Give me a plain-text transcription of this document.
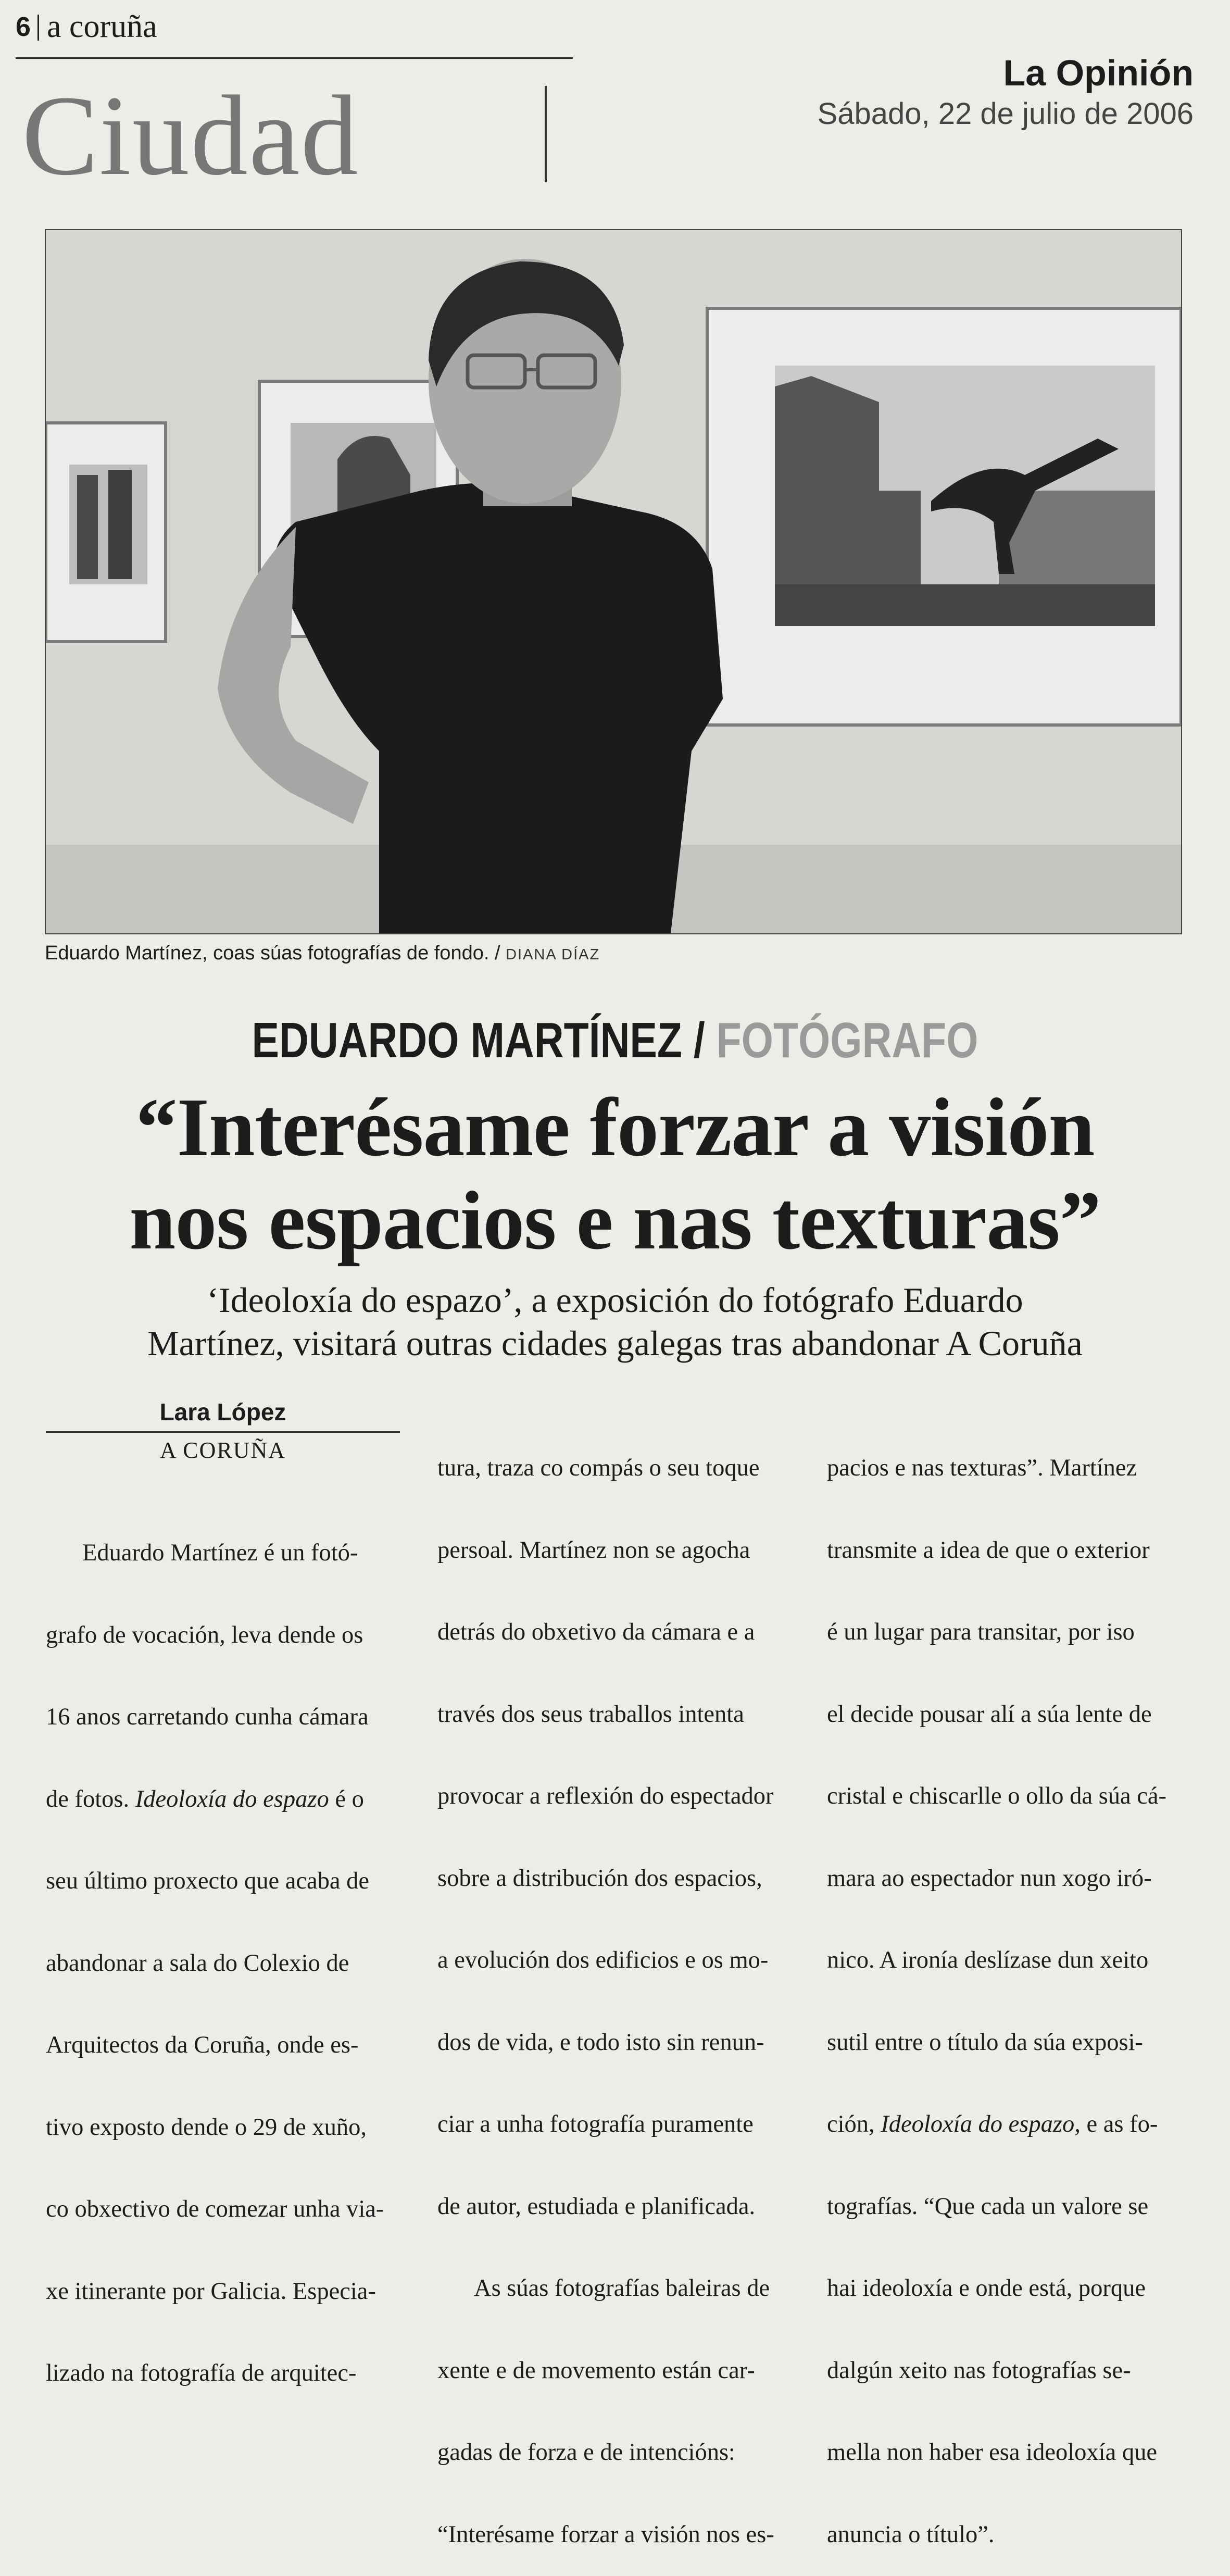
6 a coruña
Ciudad	La Opinión
Sábado, 22 de julio de 2006
Eduardo Martínez, coas súas fotografías de fondo. / DIANA DÍAZ
EDUARDO MARTÍNEZ / FOTÓGRAFO
“Interésame forzar a visión
nos espacios e nas texturas”
‘Ideoloxía do espazo’, a exposición do fotógrafo Eduardo
Martínez, visitará outras cidades galegas tras abandonar A Coruña
Lara López
A CORUÑA

Eduardo Martínez é un fotó-

grafo de vocación, leva dende os

16 anos carretando cunha cámara

de fotos. Ideoloxía do espazo é o

seu último proxecto que acaba de

abandonar a sala do Colexio de

Arquitectos da Coruña, onde es-

tivo exposto dende o 29 de xuño,

co obxectivo de comezar unha via-

xe itinerante por Galicia. Especia-

lizado na fotografía de arquitec-

tura, traza co compás o seu toque

persoal. Martínez non se agocha

detrás do obxetivo da cámara e a

través dos seus traballos intenta

provocar a reflexión do espectador

sobre a distribución dos espacios,

a evolución dos edificios e os mo-

dos de vida, e todo isto sin renun-

ciar a unha fotografía puramente

de autor, estudiada e planificada.

As súas fotografías baleiras de

xente e de movemento están car-

gadas de forza e de intencións:

“Interésame forzar a visión nos es-

pacios e nas texturas”. Martínez

transmite a idea de que o exterior

é un lugar para transitar, por iso

el decide pousar alí a súa lente de

cristal e chiscarlle o ollo da súa cá-

mara ao espectador nun xogo iró-

nico. A ironía deslízase dun xeito

sutil entre o título da súa exposi-

ción, Ideoloxía do espazo, e as fo-

tografías. “Que cada un valore se

hai ideoloxía e onde está, porque

dalgún xeito nas fotografías se-

mella non haber esa ideoloxía que

anuncia o título”.
